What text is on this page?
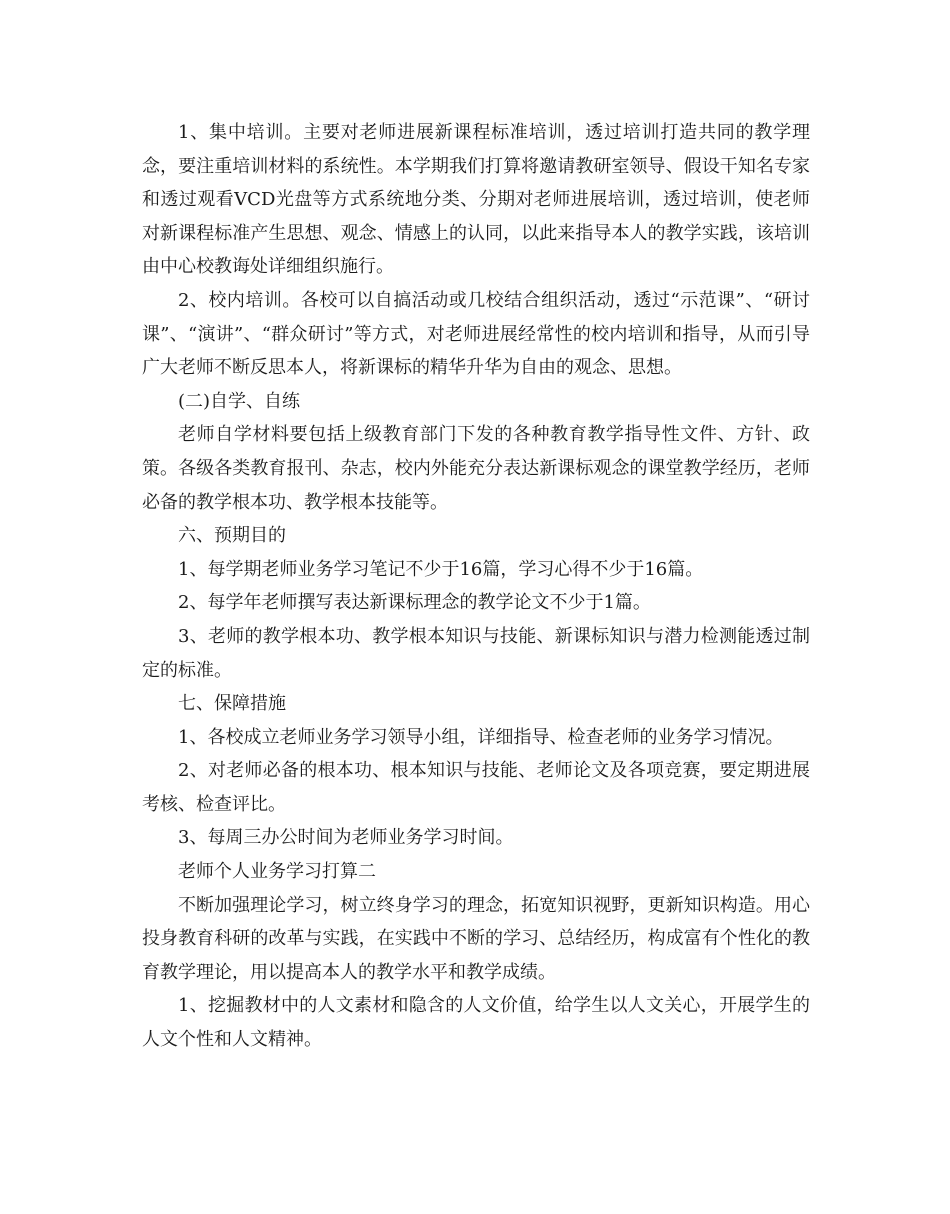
1、集中培训。主要对老师进展新课程标准培训，透过培训打造共同的教学理念，要注重培训材料的系统性。本学期我们打算将邀请教研室领导、假设干知名专家和透过观看VCD光盘等方式系统地分类、分期对老师进展培训，透过培训，使老师对新课程标准产生思想、观念、情感上的认同，以此来指导本人的教学实践，该培训由中心校教诲处详细组织施行。

2、校内培训。各校可以自搞活动或几校结合组织活动，透过“示范课”、“研讨课”、“演讲”、“群众研讨”等方式，对老师进展经常性的校内培训和指导，从而引导广大老师不断反思本人，将新课标的精华升华为自由的观念、思想。

(二)自学、自练

老师自学材料要包括上级教育部门下发的各种教育教学指导性文件、方针、政策。各级各类教育报刊、杂志，校内外能充分表达新课标观念的课堂教学经历，老师必备的教学根本功、教学根本技能等。

六、预期目的

1、每学期老师业务学习笔记不少于16篇，学习心得不少于16篇。

2、每学年老师撰写表达新课标理念的教学论文不少于1篇。

3、老师的教学根本功、教学根本知识与技能、新课标知识与潜力检测能透过制定的标准。

七、保障措施

1、各校成立老师业务学习领导小组，详细指导、检查老师的业务学习情况。

2、对老师必备的根本功、根本知识与技能、老师论文及各项竞赛，要定期进展考核、检查评比。

3、每周三办公时间为老师业务学习时间。

老师个人业务学习打算二

不断加强理论学习，树立终身学习的理念，拓宽知识视野，更新知识构造。用心投身教育科研的改革与实践，在实践中不断的学习、总结经历，构成富有个性化的教育教学理论，用以提高本人的教学水平和教学成绩。

1、挖掘教材中的人文素材和隐含的人文价值，给学生以人文关心，开展学生的人文个性和人文精神。
